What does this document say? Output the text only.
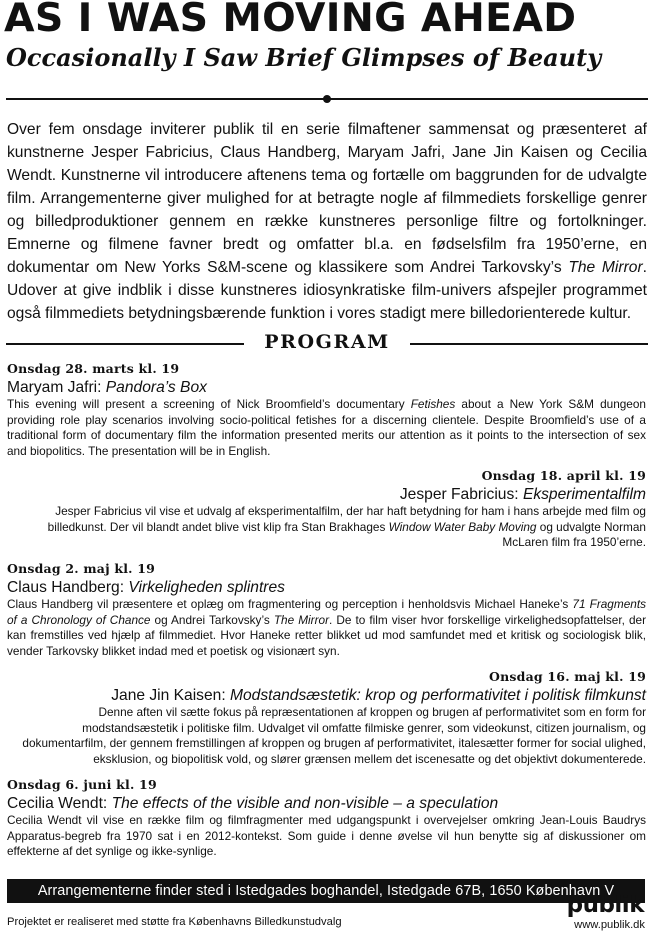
AS I WAS MOVING AHEAD
Occasionally I Saw Brief Glimpses of Beauty
Over fem onsdage inviterer publik til en serie filmaftener sammensat og præsenteret af kunstnerne Jesper Fabricius, Claus Handberg, Maryam Jafri, Jane Jin Kaisen og Cecilia Wendt. Kunstnerne vil introducere aftenens tema og fortælle om baggrunden for de udvalgte film. Arrangementerne giver mulighed for at betragte nogle af filmmediets forskellige genrer og billedproduktioner gennem en række kunstneres personlige filtre og fortolkninger. Emnerne og filmene favner bredt og omfatter bl.a. en fødselsfilm fra 1950’erne, en dokumentar om New Yorks S&M-scene og klassikere som Andrei Tarkovsky’s The Mirror. Udover at give indblik i disse kunstneres idiosynkratiske film-univers afspejler programmet også filmmediets betydningsbærende funktion i vores stadigt mere billedorienterede kultur.
PROGRAM
Onsdag 28. marts kl. 19
Maryam Jafri: Pandora’s Box
This evening will present a screening of Nick Broomfield’s documentary Fetishes about a New York S&M dungeon providing role play scenarios involving socio-political fetishes for a discerning clientele. Despite Broomfield’s use of a traditional form of documentary film the information presented merits our attention as it points to the intersection of sex and biopolitics. The presentation will be in English.
Onsdag 18. april kl. 19
Jesper Fabricius: Eksperimentalfilm
Jesper Fabricius vil vise et udvalg af eksperimentalfilm, der har haft betydning for ham i hans arbejde med film og billedkunst. Der vil blandt andet blive vist klip fra Stan Brakhages Window Water Baby Moving og udvalgte Norman McLaren film fra 1950’erne.
Onsdag 2. maj kl. 19
Claus Handberg: Virkeligheden splintres
Claus Handberg vil præsentere et oplæg om fragmentering og perception i henholdsvis Michael Haneke’s 71 Fragments of a Chronology of Chance og Andrei Tarkovsky’s The Mirror. De to film viser hvor forskellige virkelighedsopfattelser, der kan fremstilles ved hjælp af filmmediet. Hvor Haneke retter blikket ud mod samfundet med et kritisk og sociologisk blik, vender Tarkovsky blikket indad med et poetisk og visionært syn.
Onsdag 16. maj kl. 19
Jane Jin Kaisen: Modstandsæstetik: krop og performativitet i politisk filmkunst
Denne aften vil sætte fokus på repræsentationen af kroppen og brugen af performativitet som en form for modstandsæstetik i politiske film. Udvalget vil omfatte filmiske genrer, som videokunst, citizen journalism, og dokumentarfilm, der gennem fremstillingen af kroppen og brugen af performativitet, italesætter former for social ulighed, eksklusion, og biopolitisk vold, og slører grænsen mellem det iscenesatte og det objektivt dokumenterede.
Onsdag 6. juni kl. 19
Cecilia Wendt: The effects of the visible and non-visible – a speculation
Cecilia Wendt vil vise en række film og filmfragmenter med udgangspunkt i overvejelser omkring Jean-Louis Baudrys Apparatus-begreb fra 1970 sat i en 2012-kontekst. Som guide i denne øvelse vil hun benytte sig af diskussioner om effekterne af det synlige og ikke-synlige.
Arrangementerne finder sted i Istedgades boghandel, Istedgade 67B, 1650 København V
Projektet er realiseret med støtte fra Københavns Billedkunstudvalg
publik
www.publik.dk
